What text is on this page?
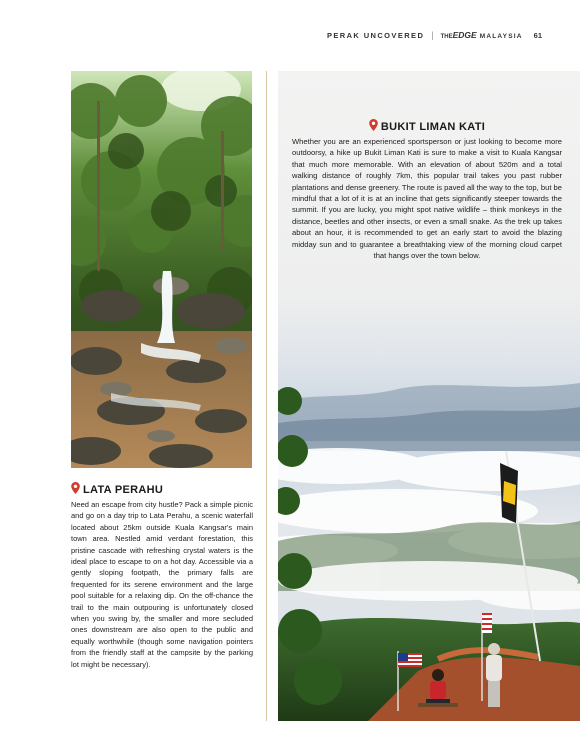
PERAK UNCOVERED | THE EDGE MALAYSIA 61
BUKIT LIMAN KATI

Whether you are an experienced sportsperson or just looking to become more outdoorsy, a hike up Bukit Liman Kati is sure to make a visit to Kuala Kangsar that much more memorable. With an elevation of about 520m and a total walking distance of roughly 7km, this popular trail takes you past rubber plantations and dense greenery. The route is paved all the way to the top, but be mindful that a lot of it is at an incline that gets significantly steeper towards the summit. If you are lucky, you might spot native wildlife – think monkeys in the distance, beetles and other insects, or even a small snake. As the trek up takes about an hour, it is recommended to get an early start to avoid the blazing midday sun and to guarantee a breathtaking view of the morning cloud carpet that hangs over the town below.

LATA PERAHU

Need an escape from city hustle? Pack a simple picnic and go on a day trip to Lata Perahu, a scenic waterfall located about 25km outside Kuala Kangsar's main town area. Nestled amid verdant forestation, this pristine cascade with refreshing crystal waters is the ideal place to escape to on a hot day. Accessible via a gently sloping footpath, the primary falls are frequented for its serene environment and the large pool suitable for a relaxing dip. On the off-chance the trail to the main outpouring is unfortunately closed when you swing by, the smaller and more secluded ones downstream are also open to the public and equally worthwhile (though some navigation pointers from the friendly staff at the campsite by the parking lot might be necessary).
